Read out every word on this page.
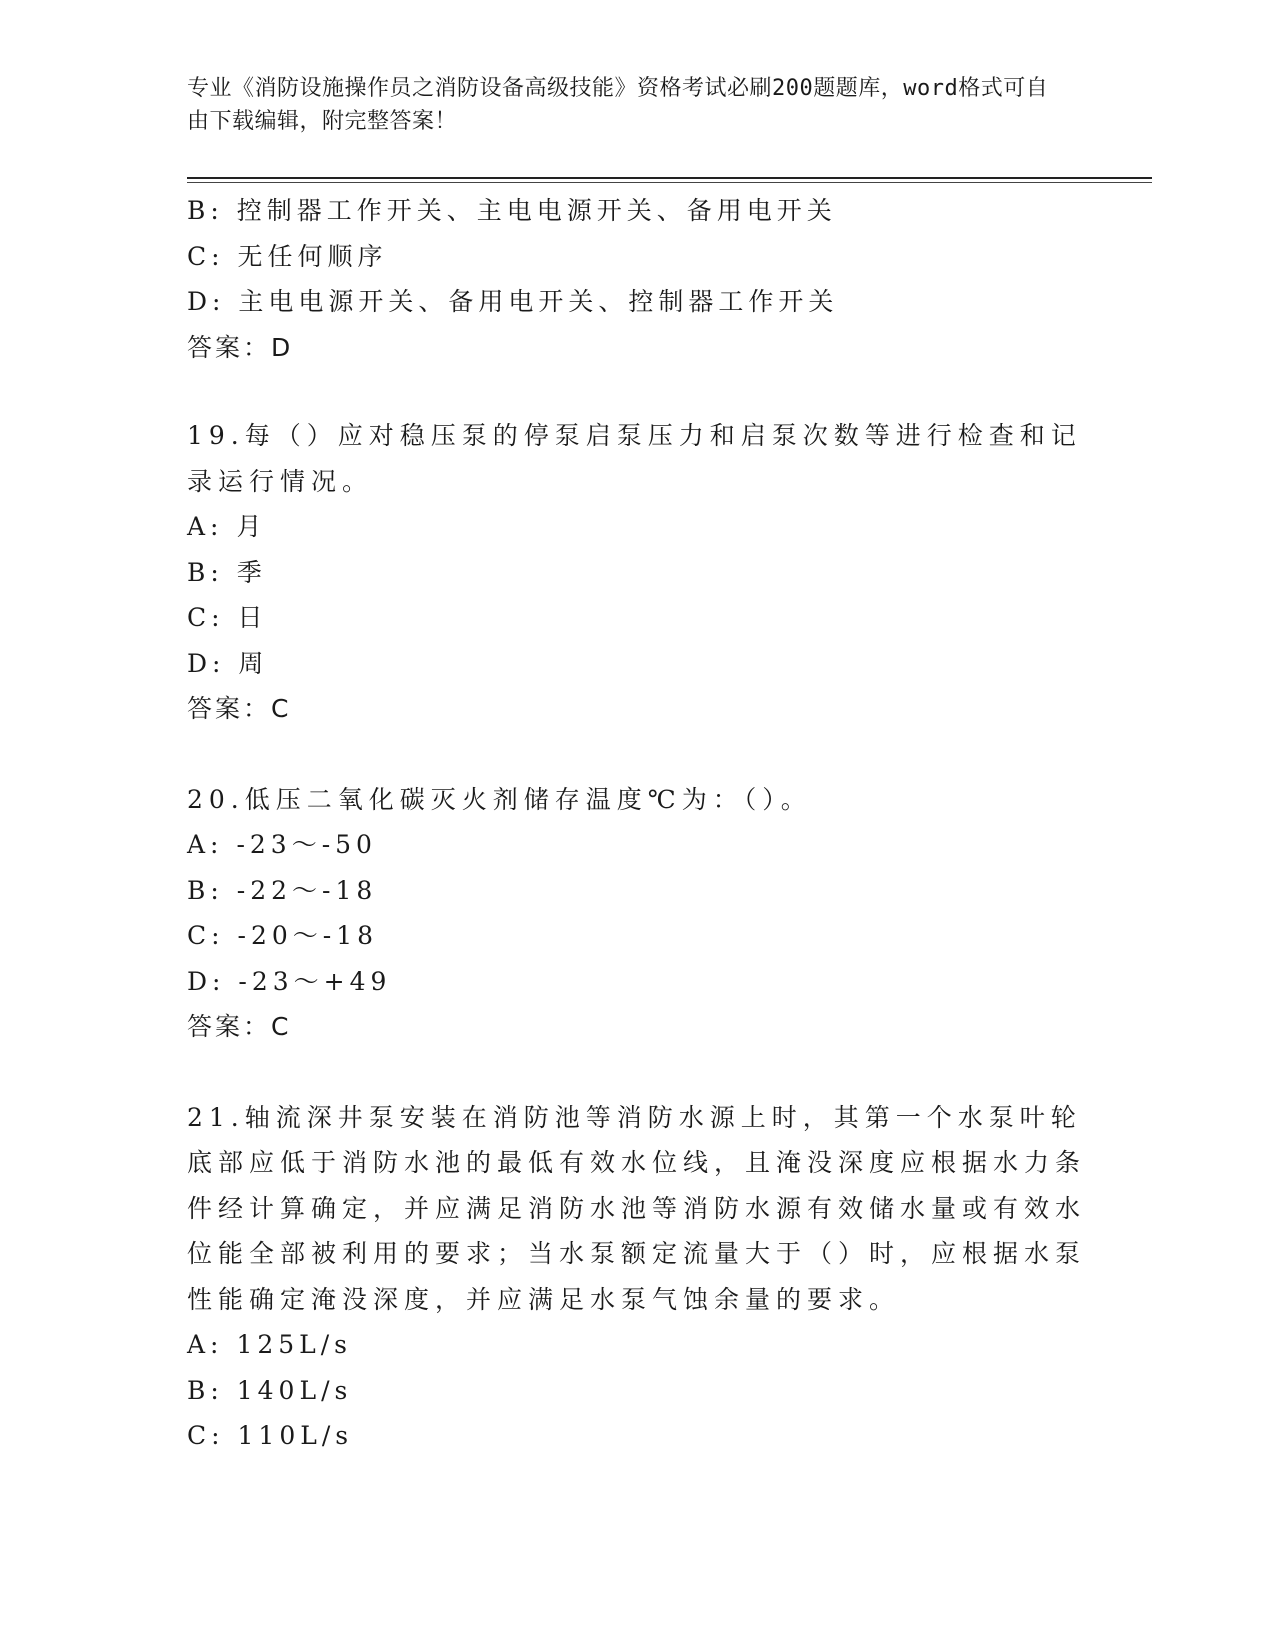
专业《消防设施操作员之消防设备高级技能》资格考试必刷200题题库，word格式可自由下载编辑，附完整答案！
B: 控制器工作开关、主电电源开关、备用电开关
C: 无任何顺序
D: 主电电源开关、备用电开关、控制器工作开关
答案：D
19.每（）应对稳压泵的停泵启泵压力和启泵次数等进行检查和记录运行情况。
A: 月
B: 季
C: 日
D: 周
答案：C
20.低压二氧化碳灭火剂储存温度℃为：（）。
A: -23～-50
B: -22～-18
C: -20～-18
D: -23～+49
答案：C
21.轴流深井泵安装在消防池等消防水源上时，其第一个水泵叶轮底部应低于消防水池的最低有效水位线，且淹没深度应根据水力条件经计算确定，并应满足消防水池等消防水源有效储水量或有效水位能全部被利用的要求；当水泵额定流量大于（）时，应根据水泵性能确定淹没深度，并应满足水泵气蚀余量的要求。
A: 125L/s
B: 140L/s
C: 110L/s
